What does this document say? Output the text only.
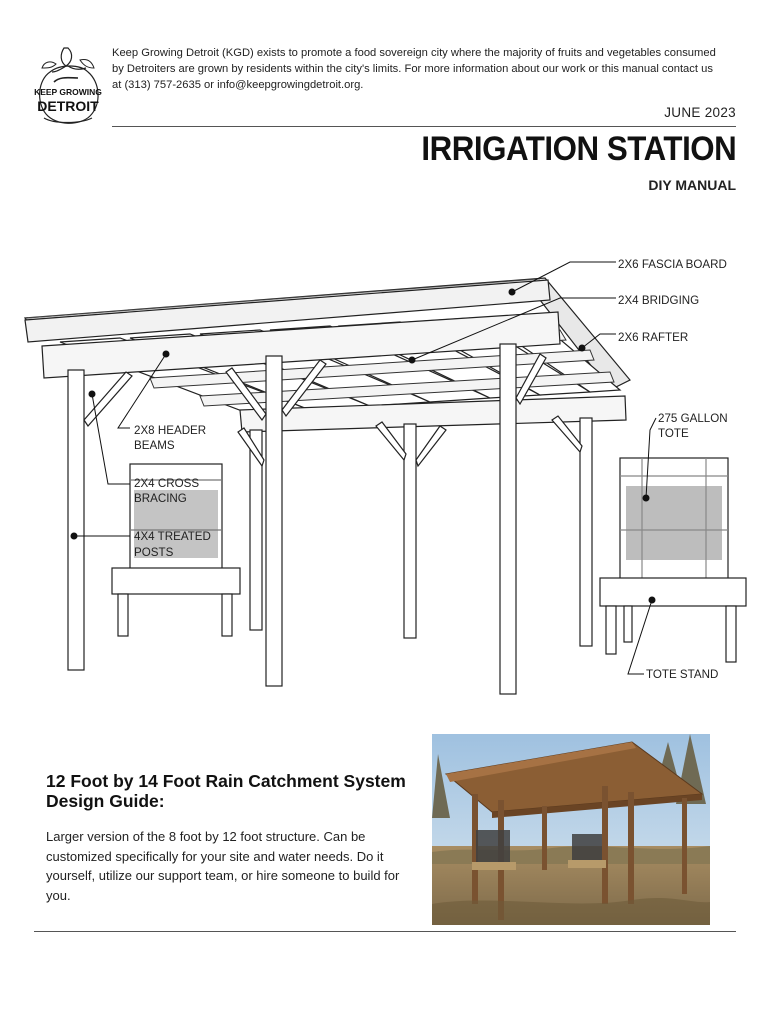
KEEP GROWING
DETROIT
Keep Growing Detroit (KGD) exists to promote a food sovereign city where the majority of fruits and vegetables consumed by Detroiters are grown by residents within the city's limits. For more information about our work or this manual contact us at (313) 757-2635 or info@keepgrowingdetroit.org.
JUNE 2023
IRRIGATION STATION
DIY MANUAL
2X6 FASCIA BOARD
2X4 BRIDGING
2X6 RAFTER
2X8 HEADER
BEAMS
2X4 CROSS
BRACING
4X4 TREATED
POSTS
275 GALLON
TOTE
TOTE STAND
12 Foot by 14 Foot Rain Catchment System Design Guide:
Larger version of the 8 foot by 12 foot structure. Can be customized specifically for your site and water needs. Do it yourself, utilize our support team, or hire someone to build for you.
